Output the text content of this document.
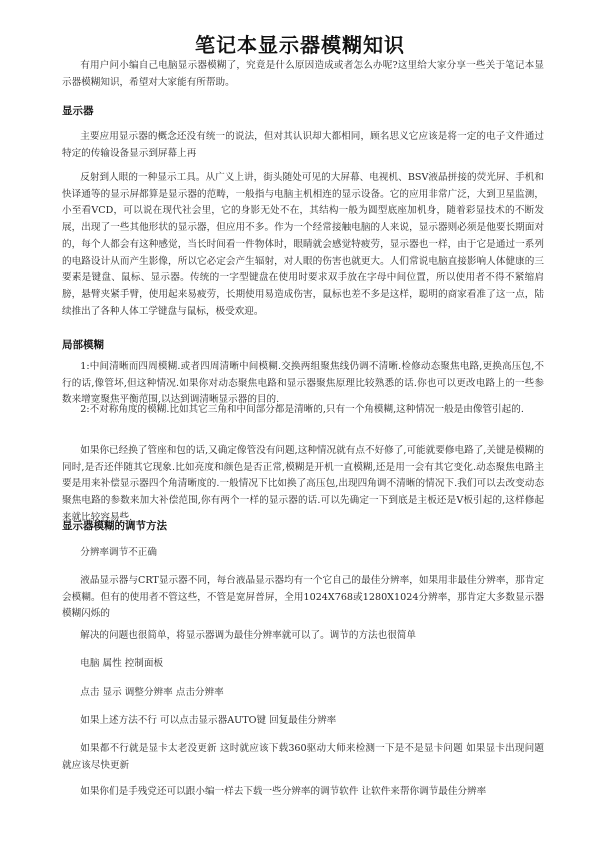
笔记本显示器模糊知识

有用户问小编自己电脑显示器模糊了，究竟是什么原因造成或者怎么办呢?这里给大家分享一些关于笔记本显示器模糊知识，希望对大家能有所帮助。

显示器

主要应用显示器的概念还没有统一的说法，但对其认识却大都相同，顾名思义它应该是将一定的电子文件通过特定的传输设备显示到屏幕上再

反射到人眼的一种显示工具。从广义上讲，街头随处可见的大屏幕、电视机、BSV液晶拼接的荧光屏、手机和快译通等的显示屏都算是显示器的范畴，一般指与电脑主机相连的显示设备。它的应用非常广泛，大到卫星监测，小至看VCD，可以说在现代社会里，它的身影无处不在，其结构一般为圆型底座加机身，随着彩显技术的不断发展，出现了一些其他形状的显示器，但应用不多。作为一个经常接触电脑的人来说，显示器则必须是他要长期面对的，每个人都会有这种感觉，当长时间看一件物体时，眼睛就会感觉特疲劳，显示器也一样，由于它是通过一系列的电路设计从而产生影像，所以它必定会产生辐射，对人眼的伤害也就更大。人们常说电脑直接影响人体健康的三要素是键盘、鼠标、显示器。传统的一字型键盘在使用时要求双手放在字母中间位置，所以使用者不得不紧缩肩膀，悬臂夹紧手臂，使用起来易疲劳，长期使用易造成伤害，鼠标也差不多是这样，聪明的商家看准了这一点，陆续推出了各种人体工学键盘与鼠标，极受欢迎。

局部模糊

1:中间清晰而四周模糊.或者四周清晰中间模糊.交换两组聚焦线仍调不清晰.检修动态聚焦电路,更换高压包,不行的话,像管坏,但这种情况.如果你对动态聚焦电路和显示器聚焦原理比较熟悉的话.你也可以更改电路上的一些参数来增宽聚焦平衡范围,以达到调清晰显示器的目的.

2:不对称角度的模糊.比如其它三角和中间部分都是清晰的,只有一个角模糊,这种情况一般是由像管引起的.

如果你已经换了管座和包的话,又确定像管没有问题,这种情况就有点不好修了,可能就要修电路了,关键是模糊的同时,是否还伴随其它现象.比如亮度和颜色是否正常,模糊是开机一直模糊,还是用一会有其它变化.动态聚焦电路主要是用来补偿显示器四个角清晰度的.一般情况下比如换了高压包,出现四角调不清晰的情况下.我们可以去改变动态聚焦电路的参数来加大补偿范围,你有两个一样的显示器的话.可以先确定一下到底是主板还是V板引起的,这样修起来就比较容易些.

显示器模糊的调节方法

分辨率调节不正确

液晶显示器与CRT显示器不同，每台液晶显示器均有一个它自己的最佳分辨率，如果用非最佳分辨率，那肯定会模糊。但有的使用者不管这些，不管是宽屏普屏，全用1024X768或1280X1024分辨率，那肯定大多数显示器模糊闪烁的

解决的问题也很简单，将显示器调为最佳分辨率就可以了。调节的方法也很简单

电脑 属性 控制面板

点击 显示 调整分辨率 点击分辨率

如果上述方法不行 可以点击显示器AUTO键 回复最佳分辨率

如果都不行就是显卡太老没更新 这时就应该下载360驱动大师来检测一下是不是显卡问题 如果显卡出现问题就应该尽快更新

如果你们是手残党还可以跟小编一样去下载一些分辨率的调节软件 让软件来帮你调节最佳分辨率
